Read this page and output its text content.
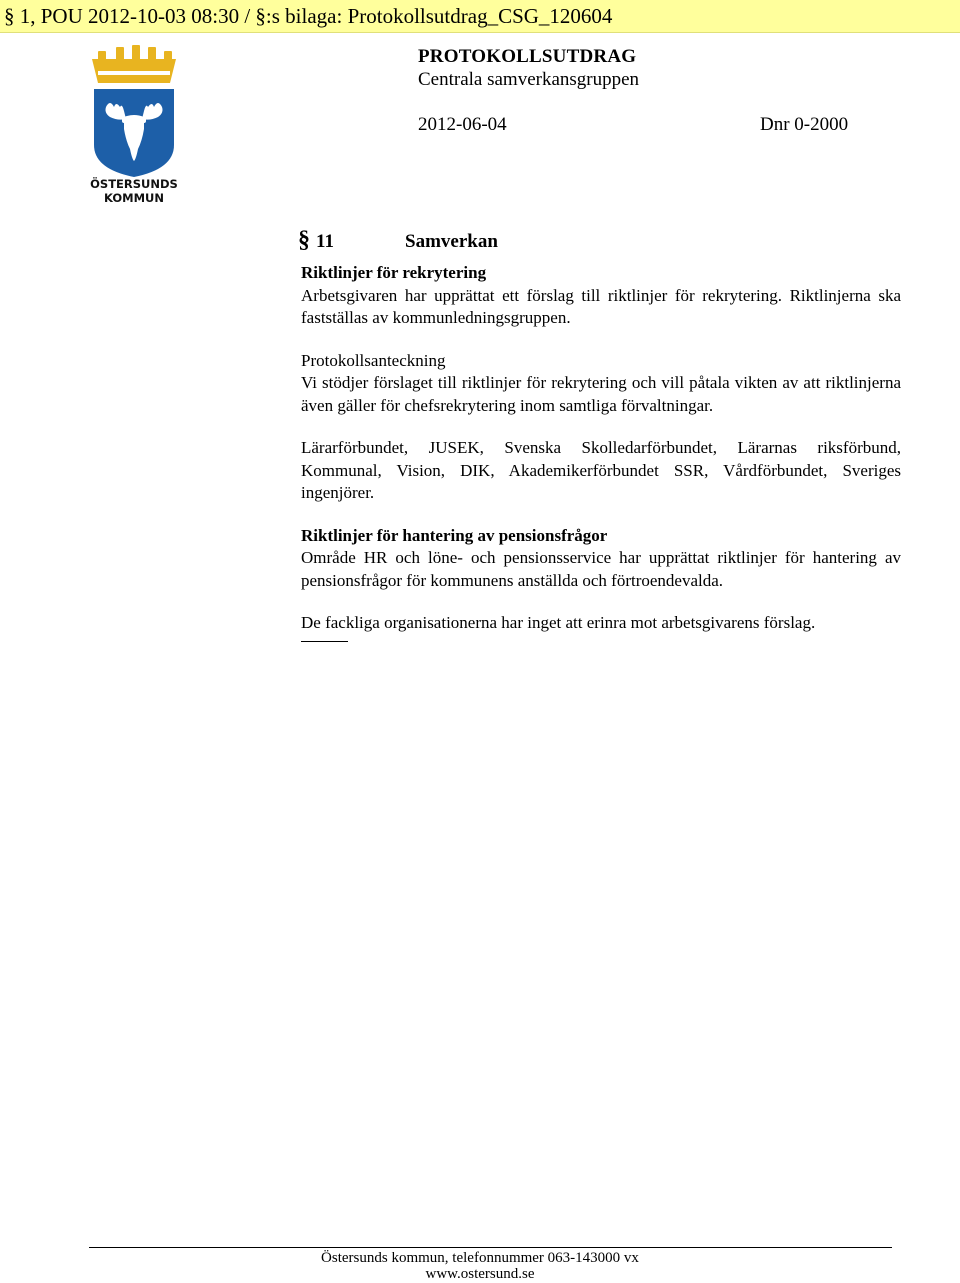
§ 1, POU 2012-10-03 08:30 / §:s bilaga: Protokollsutdrag_CSG_120604
ÖSTERSUNDS
KOMMUN
PROTOKOLLSUTDRAG
Centrala samverkansgruppen
2012-06-04	Dnr 0-2000
§ 11	Samverkan

Riktlinjer för rekrytering
Arbetsgivaren har upprättat ett förslag till riktlinjer för rekrytering. Riktlinjerna ska fastställas av kommunledningsgruppen.

Protokollsanteckning
Vi stödjer förslaget till riktlinjer för rekrytering och vill påtala vikten av att riktlinjerna även gäller för chefsrekrytering inom samtliga förvaltningar.

Lärarförbundet, JUSEK, Svenska Skolledarförbundet, Lärarnas riksförbund, Kommunal, Vision, DIK, Akademikerförbundet SSR, Vårdförbundet, Sveriges ingenjörer.

Riktlinjer för hantering av pensionsfrågor
Område HR och löne- och pensionsservice har upprättat riktlinjer för hantering av pensionsfrågor för kommunens anställda och förtroendevalda.

De fackliga organisationerna har inget att erinra mot arbetsgivarens förslag.

Östersunds kommun, telefonnummer 063-143000 vx
www.ostersund.se
